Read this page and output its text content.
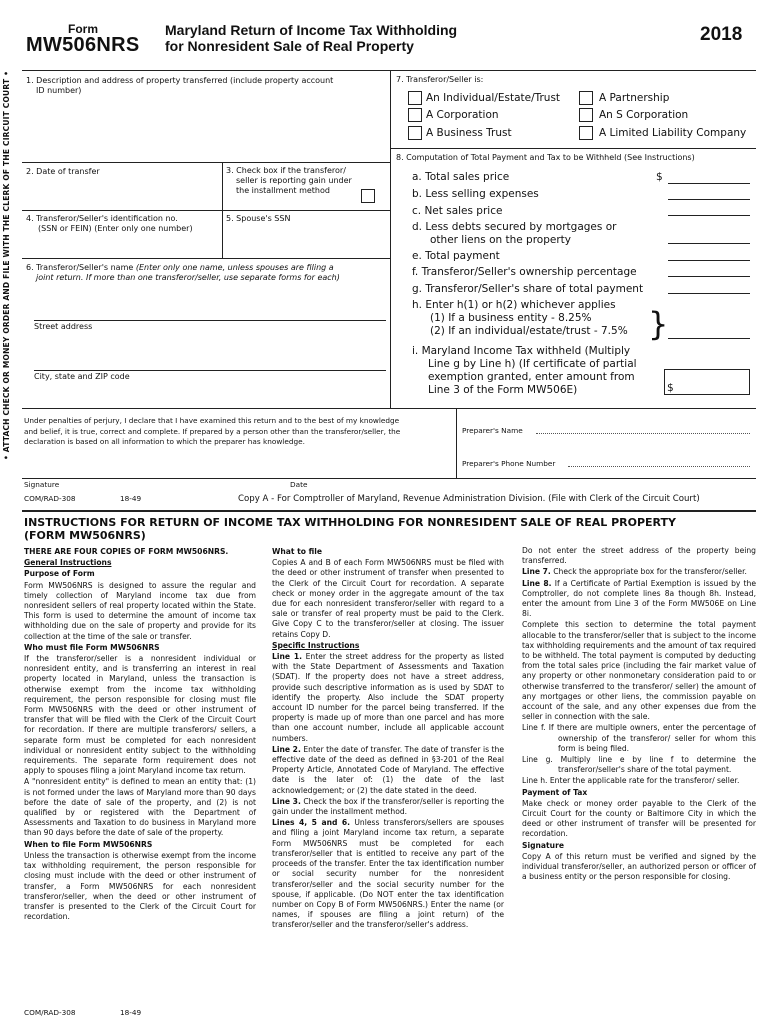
Form
MW506NRS
Maryland Return of Income Tax Withholding
for Nonresident Sale of Real Property
2018
• ATTACH CHECK OR MONEY ORDER AND FILE WITH THE CLERK OF THE CIRCUIT COURT • 1. Description and address of property transferred (include property account
ID number)
2. Date of transfer	3. Check box if the transferor/
seller is reporting gain under
the installment method
4. Transferor/Seller's identification no.
(SSN or FEIN) (Enter only one number)
5. Spouse's SSN
6. Transferor/Seller's name (Enter only one name, unless spouses are filing a
joint return. If more than one transferor/seller, use separate forms for each)
Street address
City, state and ZIP code
7. Transferor/Seller is:
An Individual/Estate/Trust	A Partnership
A Corporation	An S Corporation
A Business Trust	A Limited Liability Company
8. Computation of Total Payment and Tax to be Withheld (See Instructions)
a. Total sales price	$
b. Less selling expenses
c. Net sales price
d. Less debts secured by mortgages or
other liens on the property
e. Total payment
f. Transferor/Seller's ownership percentage
g. Transferor/Seller's share of total payment
h. Enter h(1) or h(2) whichever applies
(1) If a business entity - 8.25%
(2) If an individual/estate/trust - 7.5% }
i. Maryland Income Tax withheld (Multiply
Line g by Line h) (If certificate of partial
exemption granted, enter amount from
Line 3 of the Form MW506E)	$
Under penalties of perjury, I declare that I have examined this return and to the best of my knowledge
and belief, it is true, correct and complete. If prepared by a person other than the transferor/seller, the
declaration is based on all information to which the preparer has knowledge.
Preparer's Name
Preparer's Phone Number
Signature	Date
COM/RAD-308	18-49	Copy A - For Comptroller of Maryland, Revenue Administration Division. (File with Clerk of the Circuit Court)
INSTRUCTIONS FOR RETURN OF INCOME TAX WITHHOLDING FOR NONRESIDENT SALE OF REAL PROPERTY
(FORM MW506NRS)

THERE ARE FOUR COPIES OF FORM MW506NRS.

General Instructions

Purpose of Form

Form MW506NRS is designed to assure the regular and timely collection of Maryland income tax due from nonresident sellers of real property located within the State. This form is used to determine the amount of income tax withholding due on the sale of property and provide for its collection at the time of the sale or transfer.

Who must file Form MW506NRS

If the transferor/seller is a nonresident individual or nonresident entity, and is transferring an interest in real property located in Maryland, unless the transaction is otherwise exempt from the income tax withholding requirement, the person responsible for closing must file Form MW506NRS with the deed or other instrument of transfer that will be filed with the Clerk of the Circuit Court for recordation. If there are multiple transferors/ sellers, a separate form must be completed for each nonresident individual or nonresident entity subject to the withholding requirements. The separate form requirement does not apply to spouses filing a joint Maryland income tax return.

A "nonresident entity" is defined to mean an entity that: (1) is not formed under the laws of Maryland more than 90 days before the date of sale of the property, and (2) is not qualified by or registered with the Department of Assessments and Taxation to do business in Maryland more than 90 days before the date of sale of the property.

When to file Form MW506NRS

Unless the transaction is otherwise exempt from the income tax withholding requirement, the person responsible for closing must include with the deed or other instrument of transfer, a Form MW506NRS for each nonresident transferor/seller, when the deed or other instrument of transfer is presented to the Clerk of the Circuit Court for recordation.

What to file

Copies A and B of each Form MW506NRS must be filed with the deed or other instrument of transfer when presented to the Clerk of the Circuit Court for recordation. A separate check or money order in the aggregate amount of the tax due for each nonresident transferor/seller with regard to a sale or transfer of real property must be paid to the Clerk. Give Copy C to the transferor/seller at closing. The issuer retains Copy D.

Specific Instructions

Line 1. Enter the street address for the property as listed with the State Department of Assessments and Taxation (SDAT). If the property does not have a street address, provide such descriptive information as is used by SDAT to identify the property. Also include the SDAT property account ID number for the parcel being transferred. If the property is made up of more than one parcel and has more than one account number, include all applicable account numbers.

Line 2. Enter the date of transfer. The date of transfer is the effective date of the deed as defined in §3-201 of the Real Property Article, Annotated Code of Maryland. The effective date is the later of: (1) the date of the last acknowledgement; or (2) the date stated in the deed.

Line 3. Check the box if the transferor/seller is reporting the gain under the installment method.

Lines 4, 5 and 6. Unless transferors/sellers are spouses and filing a joint Maryland income tax return, a separate Form MW506NRS must be completed for each transferor/seller that is entitled to receive any part of the proceeds of the transfer. Enter the tax identification number or social security number for the nonresident transferor/seller and the social security number for the spouse, if applicable. (Do NOT enter the tax identification number on Copy B of Form MW506NRS.) Enter the name (or names, if spouses are filing a joint return) of the transferor/seller and the transferor/seller's address.

Do not enter the street address of the property being transferred.

Line 7. Check the appropriate box for the transferor/seller.

Line 8. If a Certificate of Partial Exemption is issued by the Comptroller, do not complete lines 8a though 8h. Instead, enter the amount from Line 3 of the Form MW506E on Line 8i.

Complete this section to determine the total payment allocable to the transferor/seller that is subject to the income tax withholding requirements and the amount of tax required to be withheld. The total payment is computed by deducting from the total sales price (including the fair market value of any property or other nonmonetary consideration paid to or otherwise transferred to the transferor/ seller) the amount of any mortgages or other liens, the commission payable on account of the sale, and any other expenses due from the seller in connection with the sale.

Line f. If there are multiple owners, enter the percentage of ownership of the transferor/ seller for whom this form is being filed.

Line g. Multiply line e by line f to determine the transferor/seller's share of the total payment.

Line h. Enter the applicable rate for the transferor/ seller.

Payment of Tax

Make check or money order payable to the Clerk of the Circuit Court for the county or Baltimore City in which the deed or other instrument of transfer will be presented for recordation.

Signature

Copy A of this return must be verified and signed by the individual transferor/seller, an authorized person or officer of a business entity or the person responsible for closing.

COM/RAD-308	18-49
